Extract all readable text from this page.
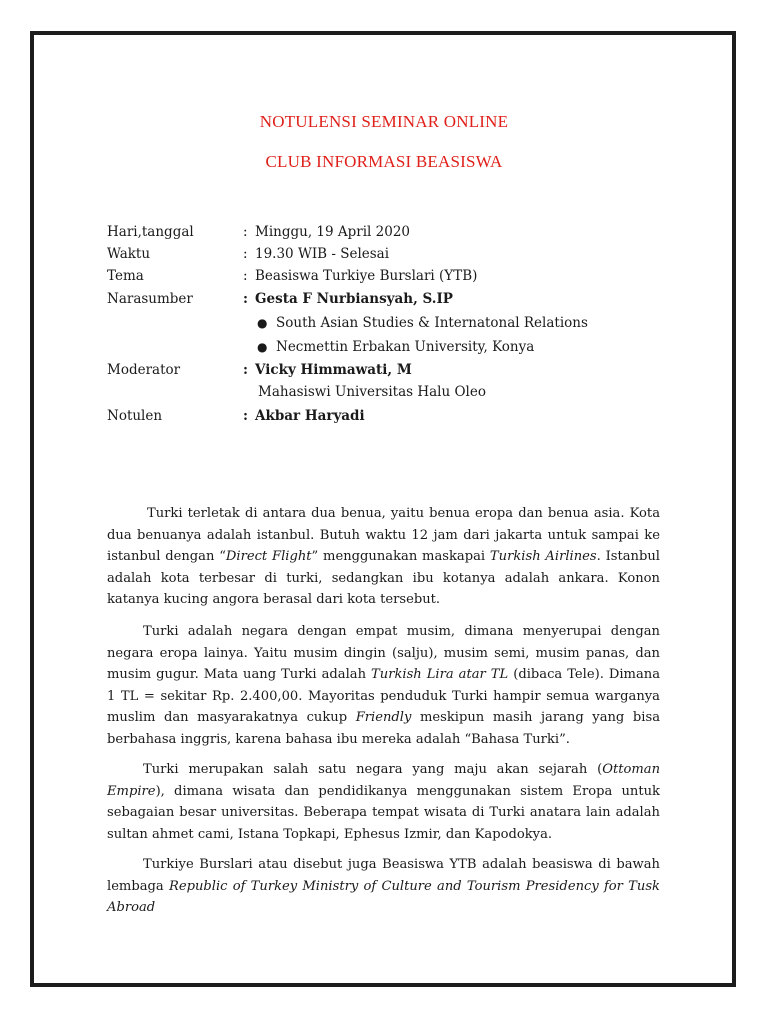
NOTULENSI SEMINAR ONLINE
CLUB INFORMASI BEASISWA
Hari,tanggal	: Minggu, 19 April 2020
Waktu	: 19.30 WIB - Selesai
Tema	: Beasiswa Turkiye Burslari (YTB)
Narasumber	: Gesta F Nurbiansyah, S.IP
● South Asian Studies & Internatonal Relations
● Necmettin Erbakan University, Konya
Moderator	: Vicky Himmawati, M
Mahasiswi Universitas Halu Oleo
Notulen	: Akbar Haryadi

Turki terletak di antara dua benua, yaitu benua eropa dan benua asia. Kota dua benuanya adalah istanbul. Butuh waktu 12 jam dari jakarta untuk sampai ke istanbul dengan “Direct Flight” menggunakan maskapai Turkish Airlines. Istanbul adalah kota terbesar di turki, sedangkan ibu kotanya adalah ankara. Konon katanya kucing angora berasal dari kota tersebut.

Turki adalah negara dengan empat musim, dimana menyerupai dengan negara eropa lainya. Yaitu musim dingin (salju), musim semi, musim panas, dan musim gugur. Mata uang Turki adalah Turkish Lira atar TL (dibaca Tele). Dimana 1 TL = sekitar Rp. 2.400,00. Mayoritas penduduk Turki hampir semua warganya muslim dan masyarakatnya cukup Friendly meskipun masih jarang yang bisa berbahasa inggris, karena bahasa ibu mereka adalah “Bahasa Turki”.

Turki merupakan salah satu negara yang maju akan sejarah (Ottoman Empire), dimana wisata dan pendidikanya menggunakan sistem Eropa untuk sebagaian besar universitas. Beberapa tempat wisata di Turki anatara lain adalah sultan ahmet cami, Istana Topkapi, Ephesus Izmir, dan Kapodokya.

Turkiye Burslari atau disebut juga Beasiswa YTB adalah beasiswa di bawah lembaga Republic of Turkey Ministry of Culture and Tourism Presidency for Tusk Abroad
